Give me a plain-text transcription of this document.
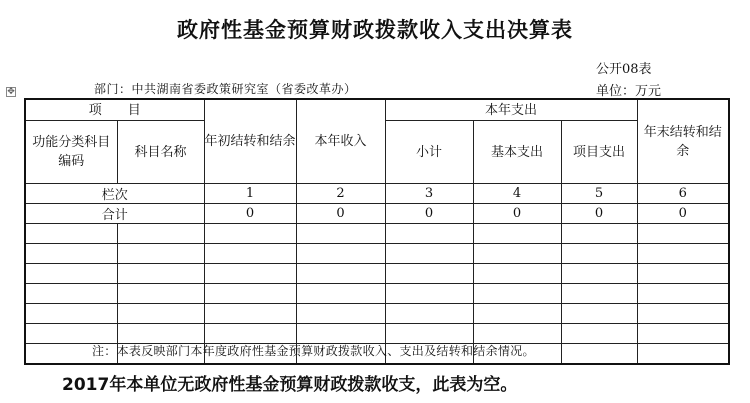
政府性基金预算财政拨款收入支出决算表
公开08表
部门：中共湖南省委政策研究室（省委改革办）	单位：万元
✥
项　　目		年初结转和结余	本年收入	本年支出			年末结转和结余
功能分类科目编码	科目名称			小计	基本支出	项目支出	
栏次		1	2	3	4	5	6
合计		0	0	0	0	0	0

注：本表反映部门本年度政府性基金预算财政拨款收入、支出及结转和结余情况。
2017年本单位无政府性基金预算财政拨款收支，此表为空。
